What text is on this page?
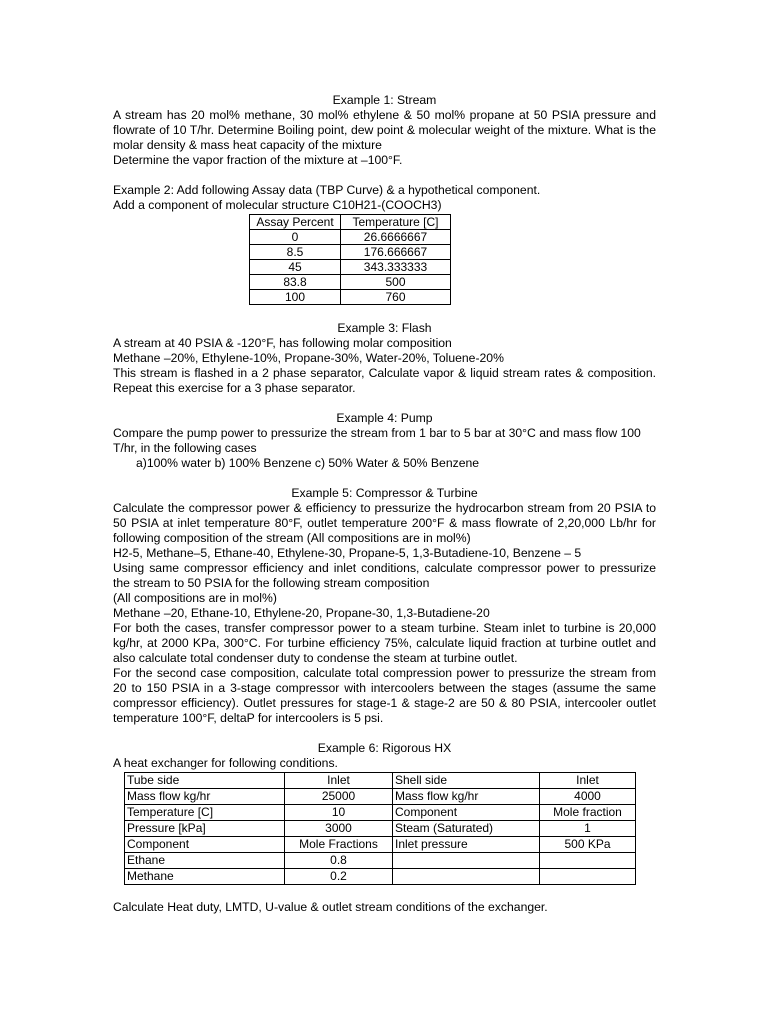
Example 1: Stream

A stream has 20 mol% methane, 30 mol% ethylene & 50 mol% propane at 50 PSIA pressure and flowrate of 10 T/hr. Determine Boiling point, dew point & molecular weight of the mixture. What is the molar density & mass heat capacity of the mixture

Determine the vapor fraction of the mixture at –100°F.

Example 2: Add following Assay data (TBP Curve) & a hypothetical component.

Add a component of molecular structure C10H21-(COOCH3)

Assay Percent	Temperature [C]
0	26.6666667
8.5	176.666667
45	343.333333
83.8	500
100	760

Example 3: Flash

A stream at 40 PSIA & -120°F, has following molar composition

Methane –20%, Ethylene-10%, Propane-30%, Water-20%, Toluene-20%

This stream is flashed in a 2 phase separator, Calculate vapor & liquid stream rates & composition. Repeat this exercise for a 3 phase separator.

Example 4: Pump

Compare the pump power to pressurize the stream from 1 bar to 5 bar at 30°C and mass flow 100 T/hr, in the following cases

a)100% water b) 100% Benzene c) 50% Water & 50% Benzene

Example 5: Compressor & Turbine

Calculate the compressor power & efficiency to pressurize the hydrocarbon stream from 20 PSIA to 50 PSIA at inlet temperature 80°F, outlet temperature 200°F & mass flowrate of 2,20,000 Lb/hr for following composition of the stream (All compositions are in mol%)

H2-5, Methane–5, Ethane-40, Ethylene-30, Propane-5, 1,3-Butadiene-10, Benzene – 5

Using same compressor efficiency and inlet conditions, calculate compressor power to pressurize the stream to 50 PSIA for the following stream composition

(All compositions are in mol%)

Methane –20, Ethane-10, Ethylene-20, Propane-30, 1,3-Butadiene-20

For both the cases, transfer compressor power to a steam turbine. Steam inlet to turbine is 20,000 kg/hr, at 2000 KPa, 300°C. For turbine efficiency 75%, calculate liquid fraction at turbine outlet and also calculate total condenser duty to condense the steam at turbine outlet.

For the second case composition, calculate total compression power to pressurize the stream from 20 to 150 PSIA in a 3-stage compressor with intercoolers between the stages (assume the same compressor efficiency). Outlet pressures for stage-1 & stage-2 are 50 & 80 PSIA, intercooler outlet temperature 100°F, deltaP for intercoolers is 5 psi.

Example 6: Rigorous HX

A heat exchanger for following conditions.

Tube side	Inlet	Shell side	Inlet
Mass flow kg/hr	25000	Mass flow kg/hr	4000
Temperature [C]	10	Component	Mole fraction
Pressure [kPa]	3000	Steam (Saturated)	1
Component	Mole Fractions	Inlet pressure	500 KPa
Ethane	0.8		
Methane	0.2		

Calculate Heat duty, LMTD, U-value & outlet stream conditions of the exchanger.
